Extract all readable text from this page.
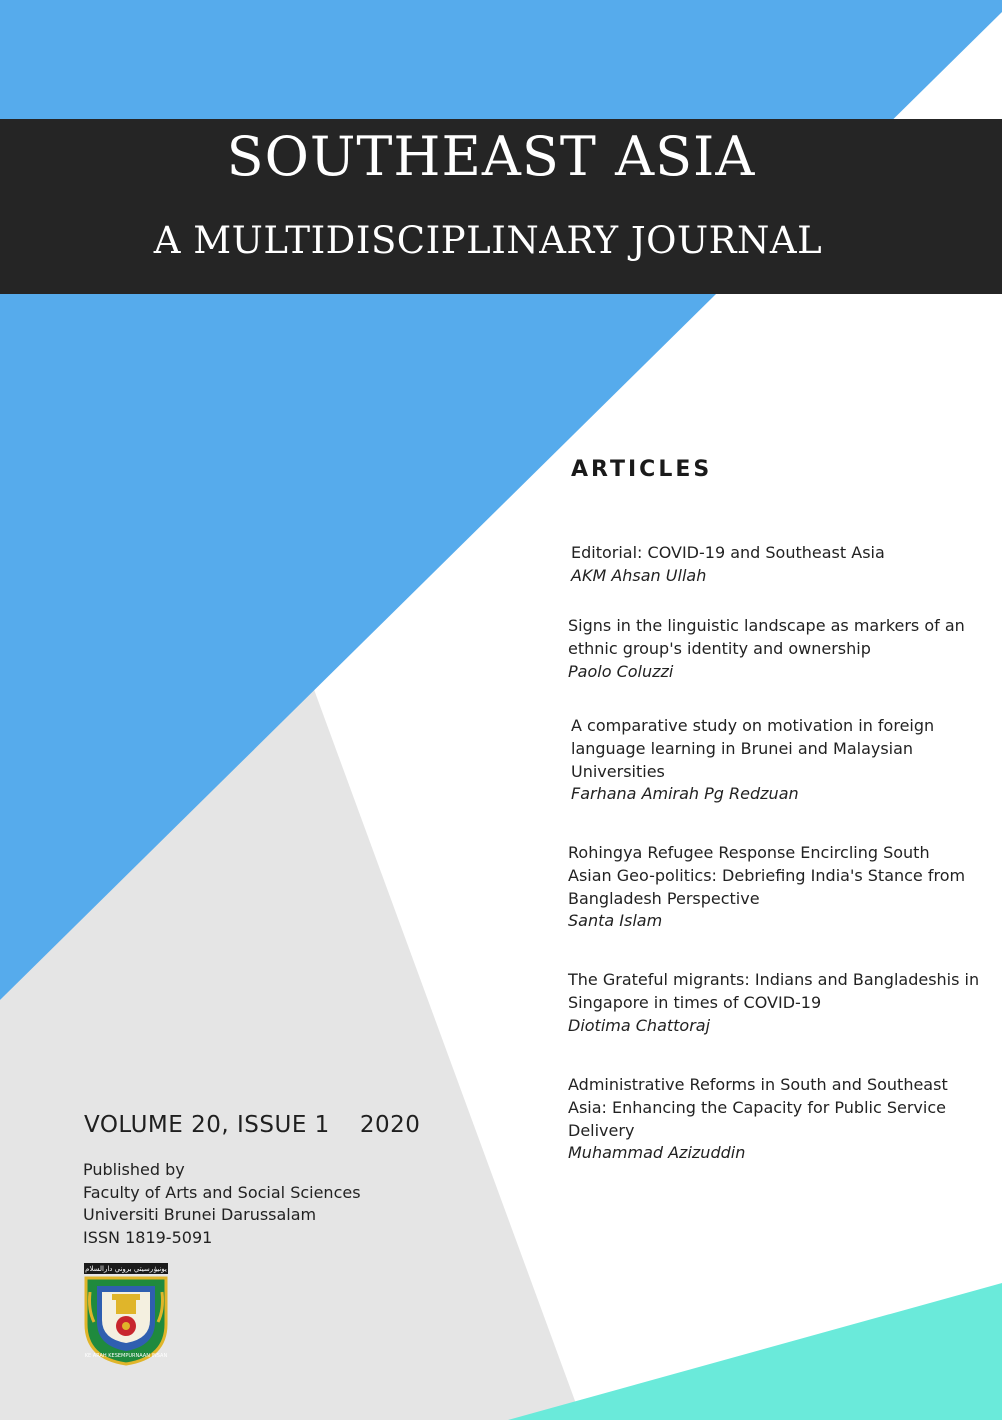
SOUTHEAST ASIA
A MULTIDISCIPLINARY JOURNAL
ARTICLES
Editorial: COVID-19 and Southeast Asia
AKM Ahsan Ullah
Signs in the linguistic landscape as markers of an ethnic group's identity and ownership
Paolo Coluzzi
A comparative study on motivation in foreign language learning in Brunei and Malaysian Universities
Farhana Amirah Pg Redzuan
Rohingya Refugee Response Encircling South Asian Geo-politics: Debriefing India's Stance from Bangladesh Perspective
Santa Islam
The Grateful migrants: Indians and Bangladeshis in Singapore in times of COVID-19
Diotima Chattoraj
Administrative Reforms in South and Southeast Asia: Enhancing the Capacity for Public Service Delivery
Muhammad Azizuddin
VOLUME 20, ISSUE 1 2020
Published by
Faculty of Arts and Social Sciences
Universiti Brunei Darussalam
ISSN 1819-5091
يونيۏرسيتي بروني دارالسلام
KE ARAH KESEMPURNAAN INSAN
